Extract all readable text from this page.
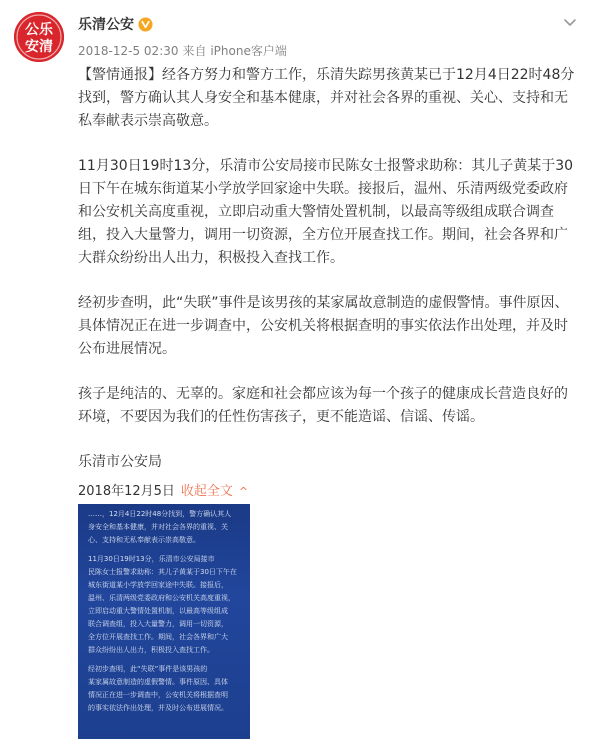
公乐
安清
乐清公安
2018-12-5 02:30 来自 iPhone客户端

【警情通报】经各方努力和警方工作，乐清失踪男孩黄某已于12月4日22时48分找到，警方确认其人身安全和基本健康，并对社会各界的重视、关心、支持和无私奉献表示崇高敬意。

11月30日19时13分，乐清市公安局接市民陈女士报警求助称：其儿子黄某于30日下午在城东街道某小学放学回家途中失联。接报后，温州、乐清两级党委政府和公安机关高度重视，立即启动重大警情处置机制，以最高等级组成联合调查组，投入大量警力，调用一切资源，全方位开展查找工作。期间，社会各界和广大群众纷纷出人出力，积极投入查找工作。

经初步查明，此“失联”事件是该男孩的某家属故意制造的虚假警情。事件原因、具体情况正在进一步调查中，公安机关将根据查明的事实依法作出处理，并及时公布进展情况。

孩子是纯洁的、无辜的。家庭和社会都应该为每一个孩子的健康成长营造良好的环境，不要因为我们的任性伤害孩子，更不能造谣、信谣、传谣。

乐清市公安局

2018年12月5日 收起全文 ^
……，12月4日22时48分找到，警方确认其人
身安全和基本健康，并对社会各界的重视、关
心、支持和无私奉献表示崇高敬意。
11月30日19时13分，乐清市公安局接市
民陈女士报警求助称：其儿子黄某于30日下午在
城东街道某小学放学回家途中失联。接报后，
温州、乐清两级党委政府和公安机关高度重视，
立即启动重大警情处置机制，以最高等级组成
联合调查组，投入大量警力，调用一切资源，
全方位开展查找工作。期间，社会各界和广大
群众纷纷出人出力，积极投入查找工作。
经初步查明，此“失联”事件是该男孩的
某家属故意制造的虚假警情。事件原因、具体
情况正在进一步调查中，公安机关将根据查明
的事实依法作出处理，并及时公布进展情况。
